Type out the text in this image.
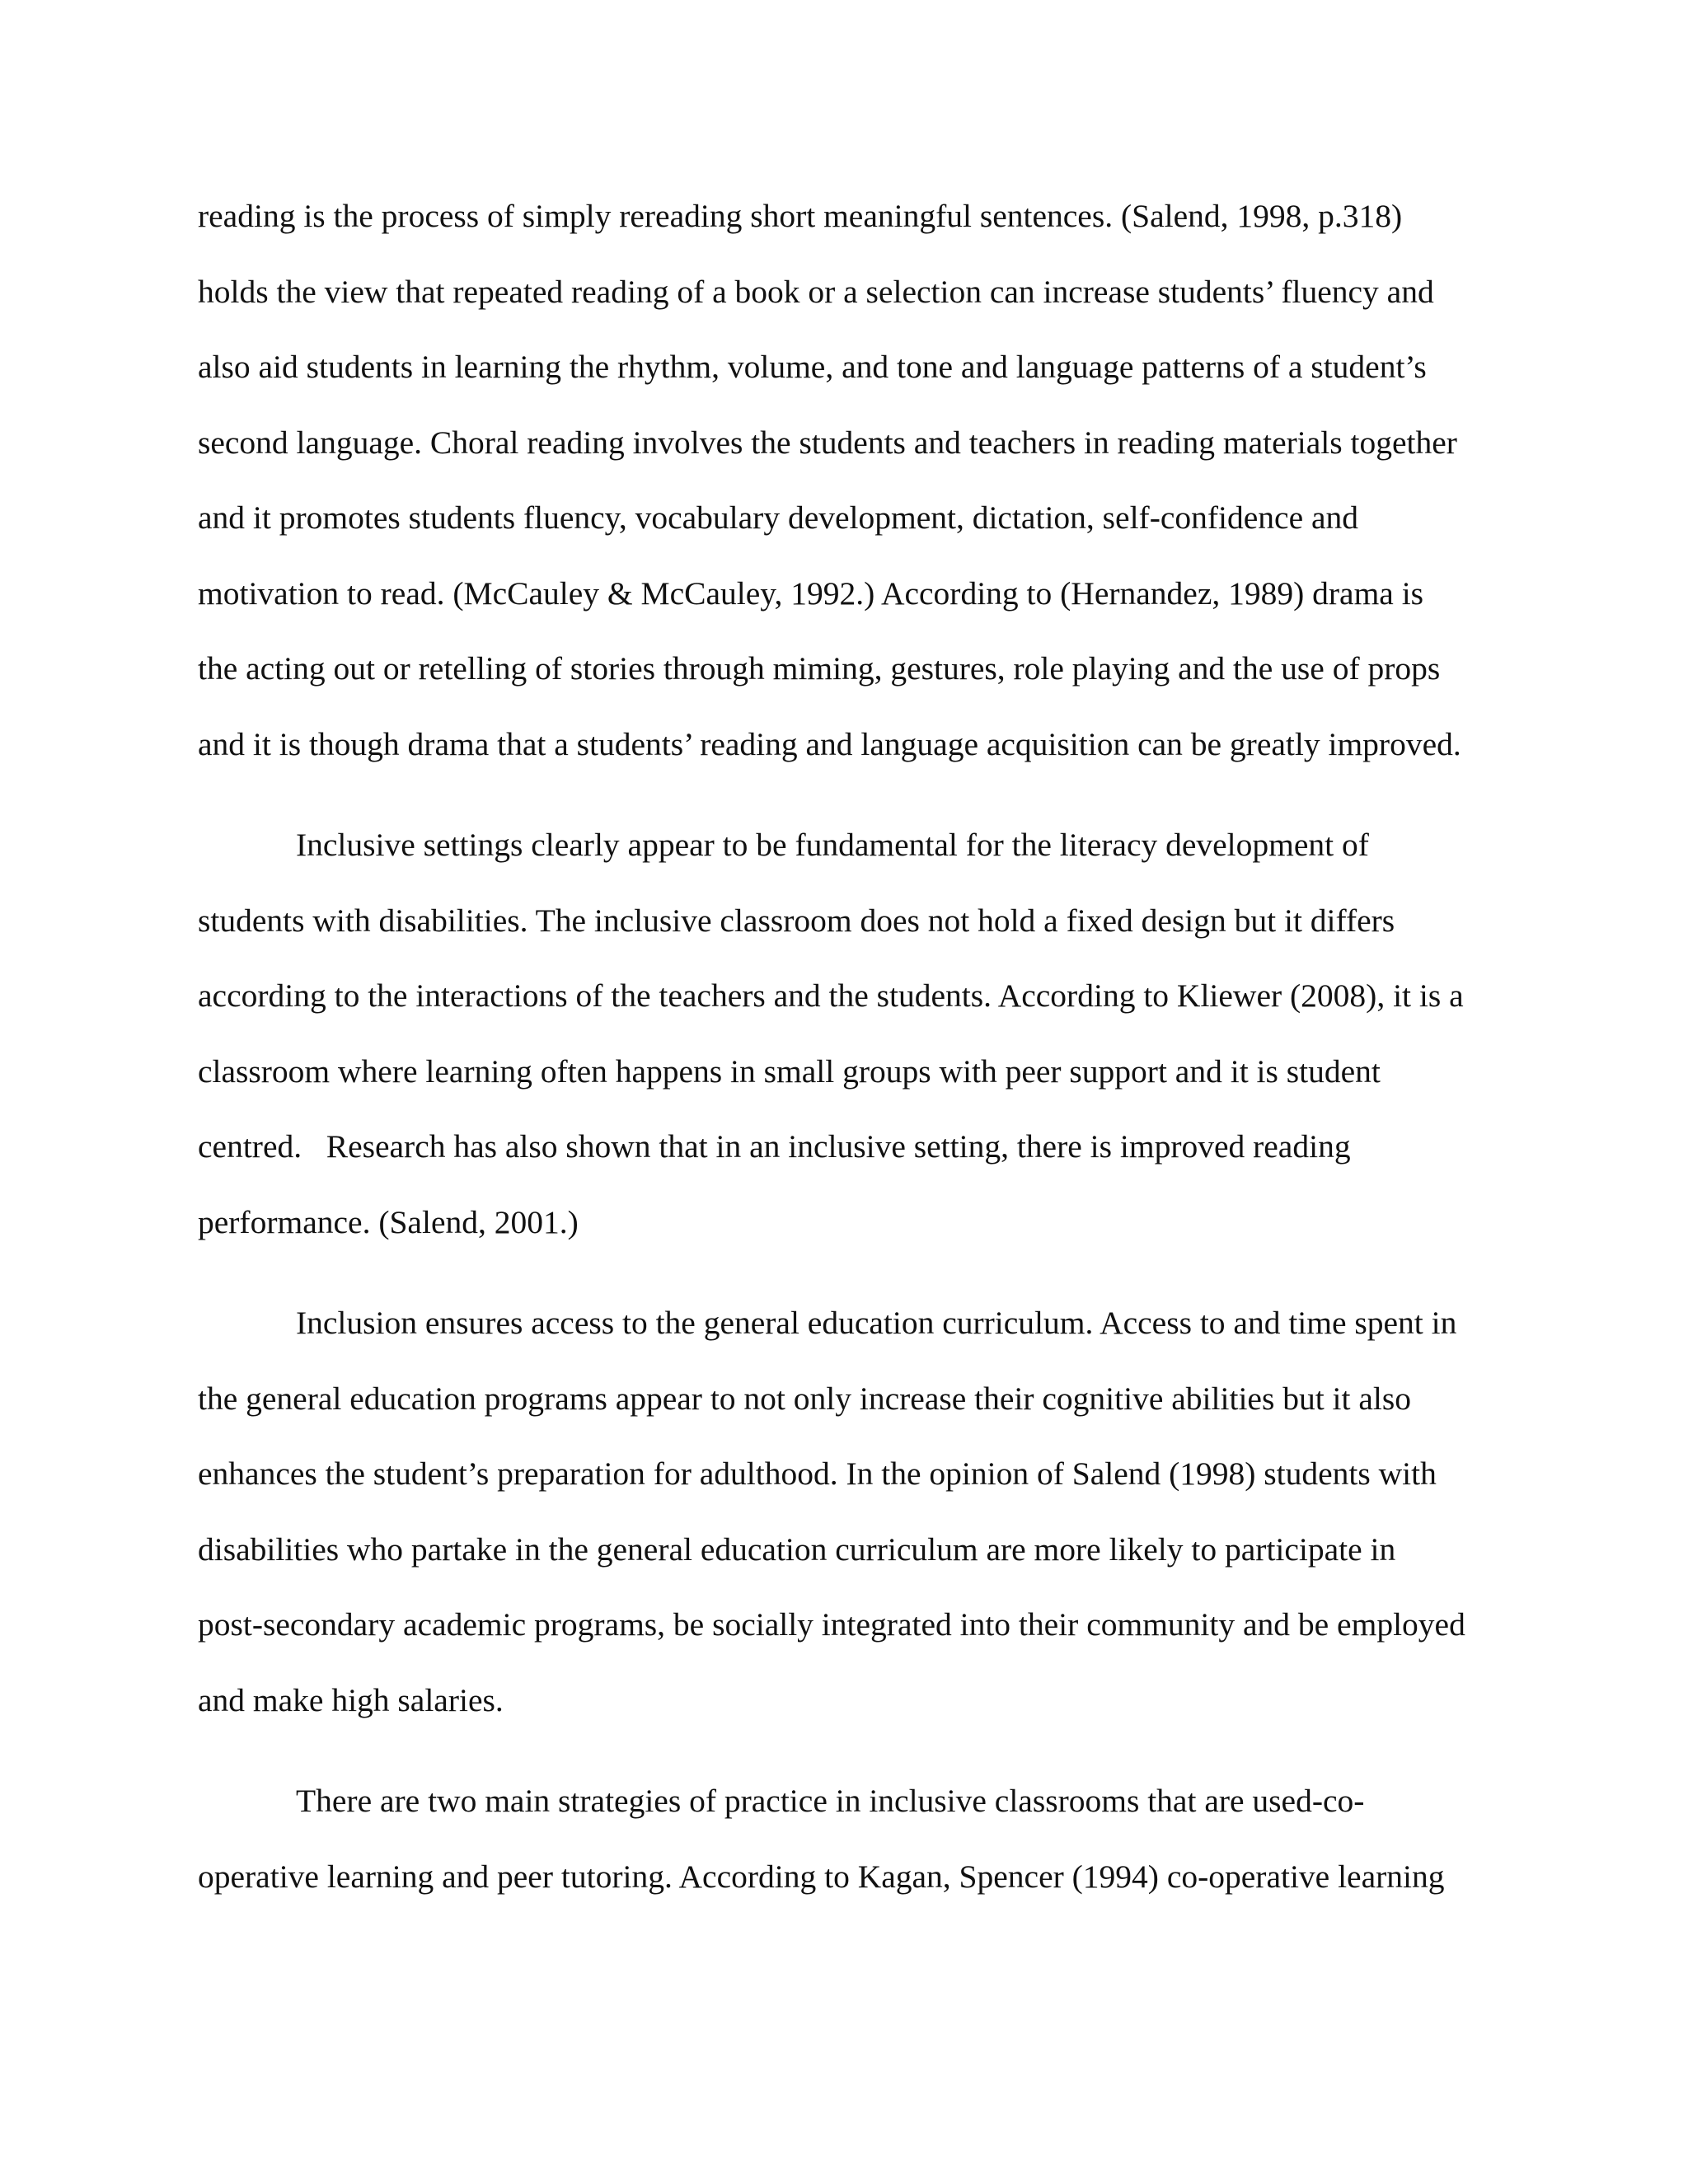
reading is the process of simply rereading short meaningful sentences. (Salend, 1998, p.318)
holds the view that repeated reading of a book or a selection can increase students’ fluency and
also aid students in learning the rhythm, volume, and tone and language patterns of a student’s
second language. Choral reading involves the students and teachers in reading materials together
and it promotes students fluency, vocabulary development, dictation, self-confidence and
motivation to read. (McCauley & McCauley, 1992.) According to (Hernandez, 1989) drama is
the acting out or retelling of stories through miming, gestures, role playing and the use of props
and it is though drama that a students’ reading and language acquisition can be greatly improved.
Inclusive settings clearly appear to be fundamental for the literacy development of
students with disabilities. The inclusive classroom does not hold a fixed design but it differs
according to the interactions of the teachers and the students. According to Kliewer (2008), it is a
classroom where learning often happens in small groups with peer support and it is student
centred.   Research has also shown that in an inclusive setting, there is improved reading
performance. (Salend, 2001.)
Inclusion ensures access to the general education curriculum. Access to and time spent in
the general education programs appear to not only increase their cognitive abilities but it also
enhances the student’s preparation for adulthood. In the opinion of Salend (1998) students with
disabilities who partake in the general education curriculum are more likely to participate in
post-secondary academic programs, be socially integrated into their community and be employed
and make high salaries.
There are two main strategies of practice in inclusive classrooms that are used-co-
operative learning and peer tutoring. According to Kagan, Spencer (1994) co-operative learning
